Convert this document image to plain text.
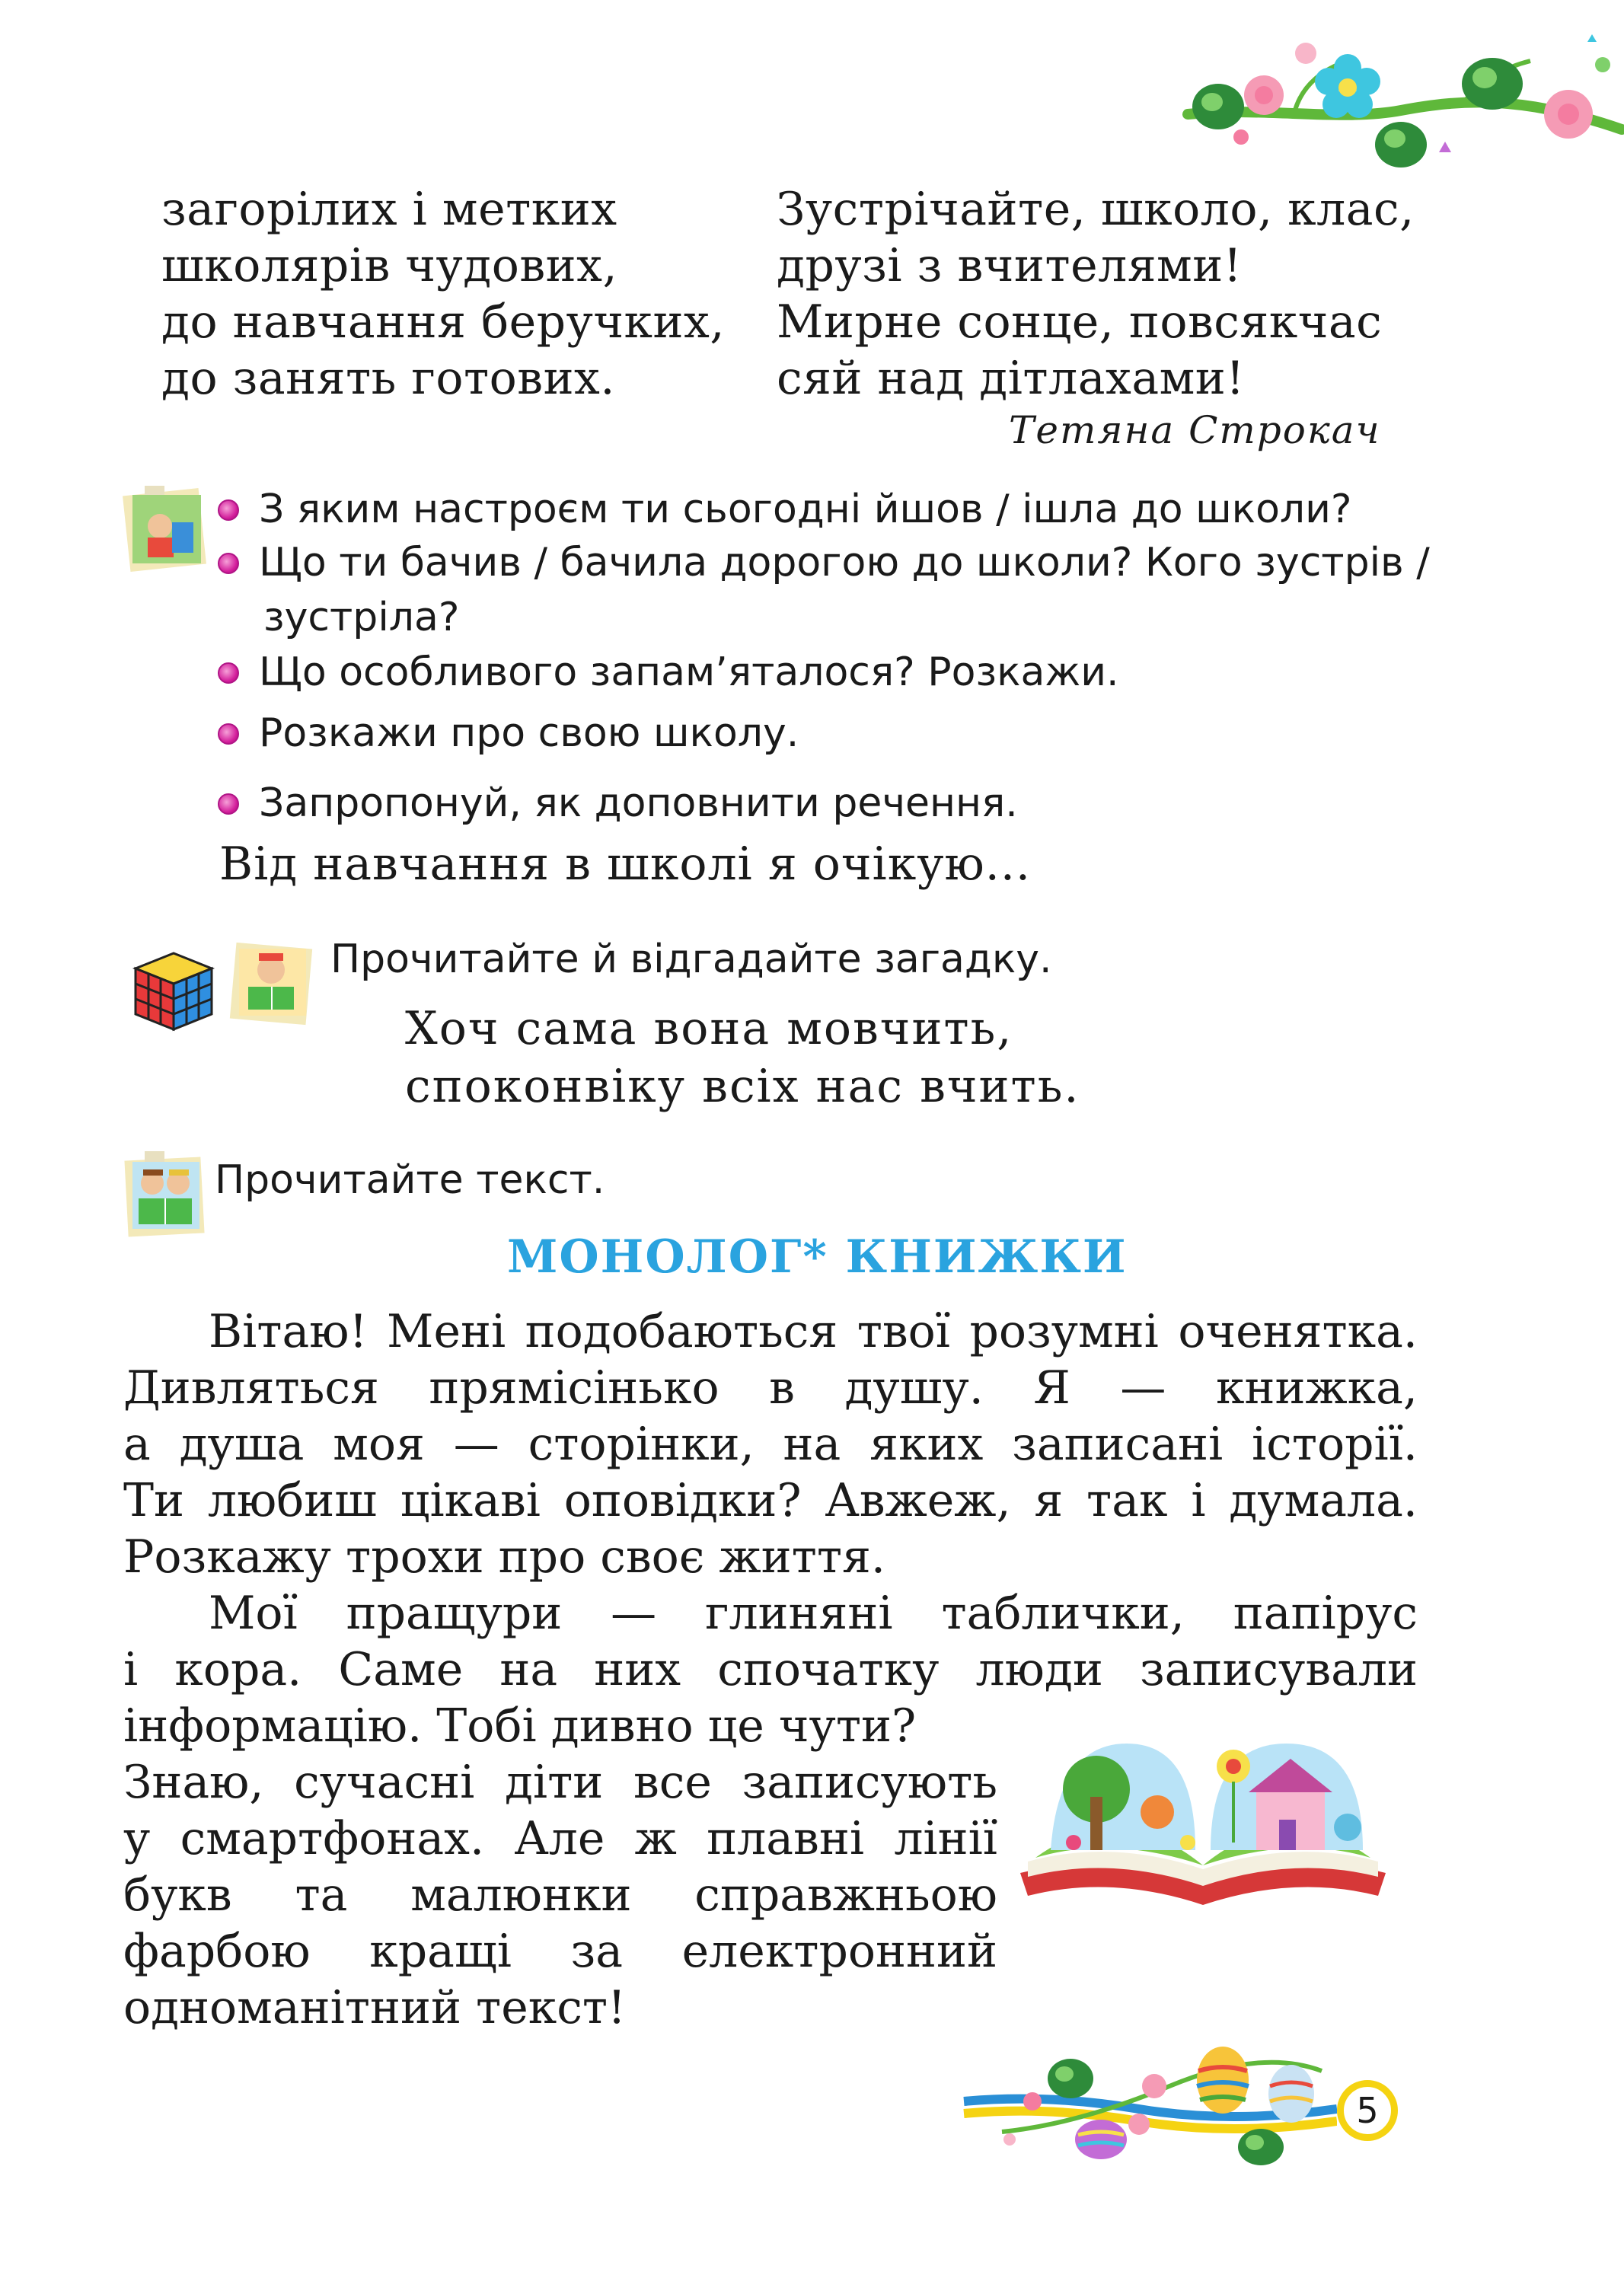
загорілих і метких
школярів чудових,
до навчання беручких,
до занять готових.
Зустрічайте, школо, клас,
друзі з вчителями!
Мирне сонце, повсякчас
сяй над дітлахами!
Тетяна Строкач
З яким настроєм ти сьогодні йшов / ішла до школи?
Що ти бачив / бачила дорогою до школи? Кого зустрів /
зустріла?
Що особливого запам’яталося? Розкажи.
Розкажи про свою школу.
Запропонуй, як доповнити речення.
Від навчання в школі я очікую...
Прочитайте й відгадайте загадку.
Хоч сама вона мовчить,
споконвіку всіх нас вчить.
Прочитайте текст.
МОНОЛОГ* КНИЖКИ
Вітаю! Мені подобаються твої розумні оченятка.
Дивляться прямісінько в душу. Я — книжка,
а душа моя — сторінки, на яких записані історії.
Ти любиш цікаві оповідки? Авжеж, я так і думала.
Розкажу трохи про своє життя.
Мої пращури — глиняні таблички, папірус
і кора. Саме на них спочатку люди записували
інформацію. Тобі дивно це чути?
Знаю, сучасні діти все записують
у смартфонах. Але ж плавні лінії
букв та малюнки справжньою
фарбою кращі за електронний
одноманітний текст!
5
